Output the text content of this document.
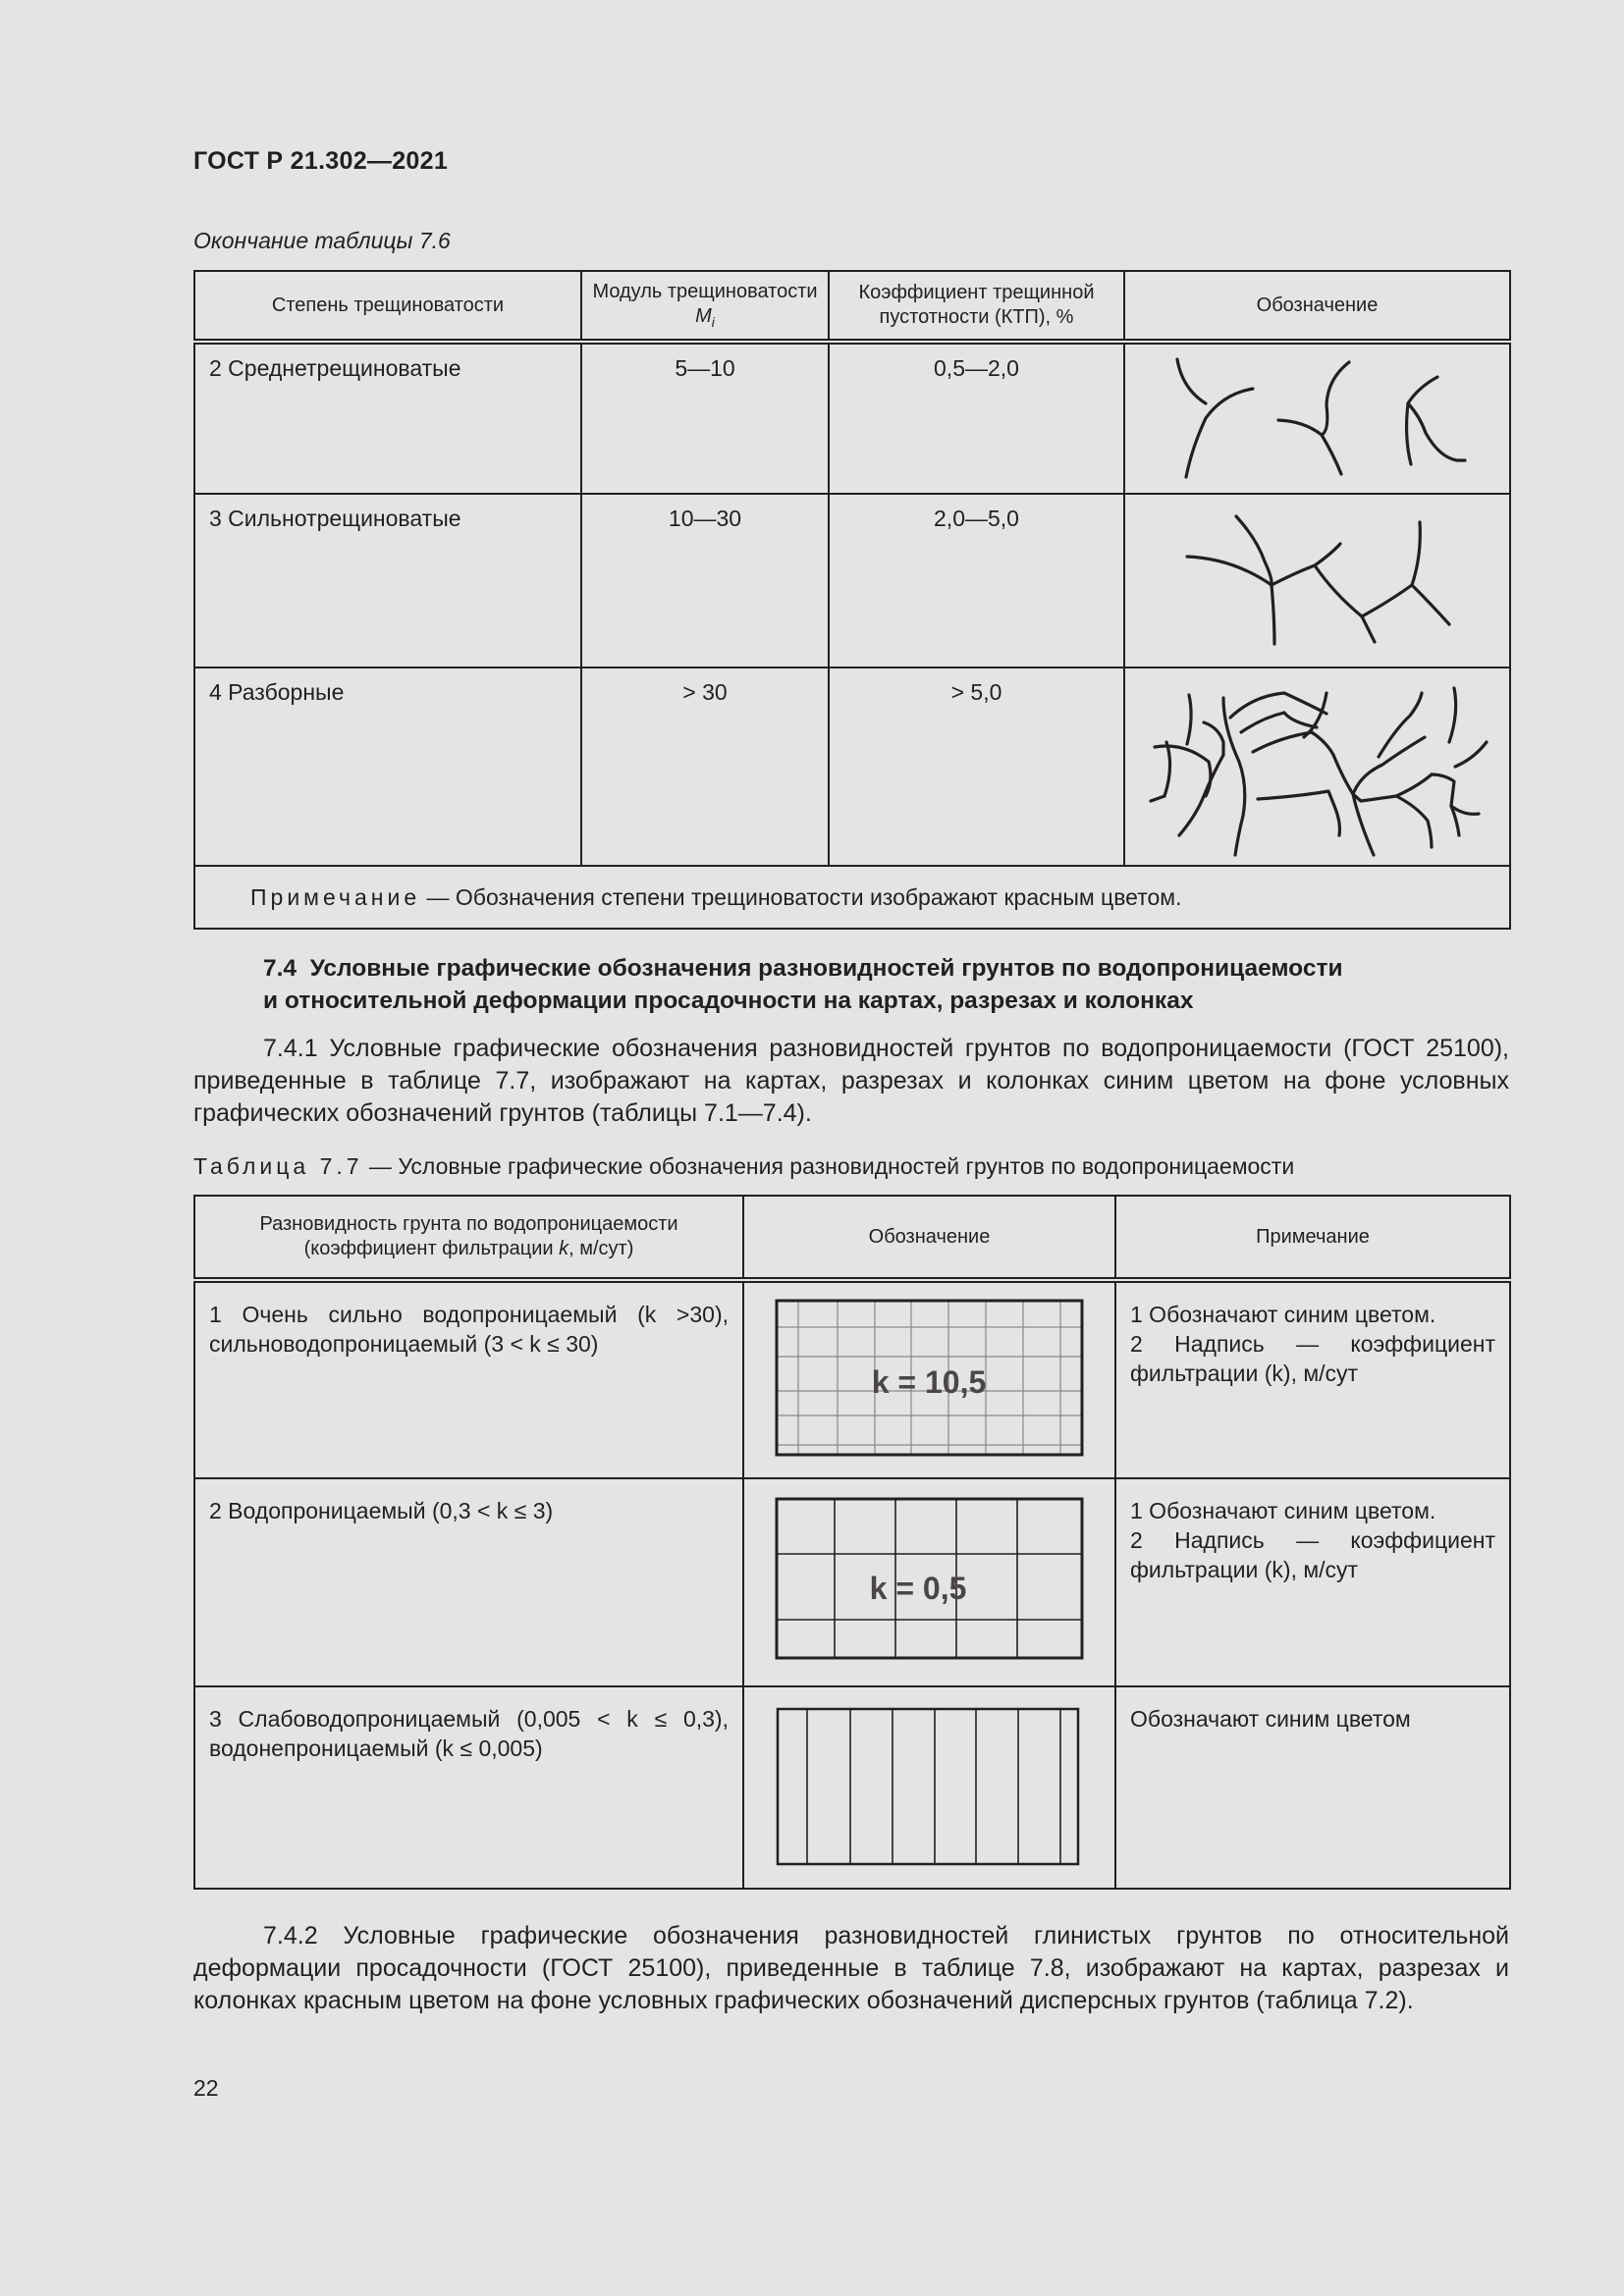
ГОСТ Р 21.302—2021
Окончание таблицы 7.6
Степень трещиноватости	Модуль трещиноватости $M_i$	Коэффициент трещинной пустотности (КТП), %	Обозначение

2 Среднетрещиноватые	5—10	0,5—2,0

3 Сильнотрещиноватые	10—30	2,0—5,0

4 Разборные	> 30	> 5,0

Примечание — Обозначения степени трещиноватости изображают красным цветом.			
7.4 Условные графические обозначения разновидностей грунтов по водопроницаемости
и относительной деформации просадочности на картах, разрезах и колонках
7.4.1 Условные графические обозначения разновидностей грунтов по водопроницаемости (ГОСТ 25100), приведенные в таблице 7.7, изображают на картах, разрезах и колонках синим цветом на фоне условных графических обозначений грунтов (таблицы 7.1—7.4).
Таблица 7.7 — Условные графические обозначения разновидностей грунтов по водопроницаемости
Разновидность грунта по водопроницаемости
(коэффициент фильтрации k, м/сут)	Обозначение	Примечание

1 Очень сильно водопроницаемый (k >30), сильноводопроницаемый (3 < k ≤ 30)	k = 10,5	1 Обозначают синим цветом.
2 Надпись — коэффициент фильтрации (k), м/сут

2 Водопроницаемый (0,3 < k ≤ 3)	k = 0,5	1 Обозначают синим цветом.
2 Надпись — коэффициент фильтрации (k), м/сут

3 Слабоводопроницаемый (0,005 < k ≤ 0,3), водонепроницаемый (k ≤ 0,005)		Обозначают синим цветом
7.4.2 Условные графические обозначения разновидностей глинистых грунтов по относительной деформации просадочности (ГОСТ 25100), приведенные в таблице 7.8, изображают на картах, разрезах и колонках красным цветом на фоне условных графических обозначений дисперсных грунтов (таблица 7.2).
22
